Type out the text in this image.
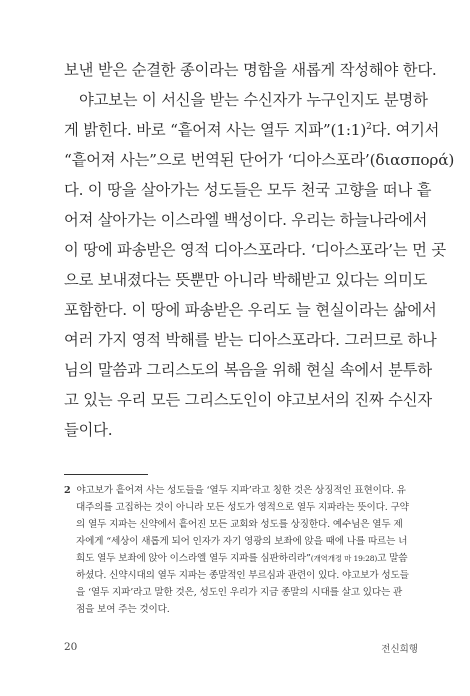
보낸 받은 순결한 종이라는 명함을 새롭게 작성해야 한다.
야고보는 이 서신을 받는 수신자가 누구인지도 분명하
게 밝힌다. 바로 “흩어져 사는 열두 지파”(1:1)$^2$다. 여기서
“흩어져 사는”으로 번역된 단어가 ‘디아스포라’(διασπορά)
다. 이 땅을 살아가는 성도들은 모두 천국 고향을 떠나 흩
어져 살아가는 이스라엘 백성이다. 우리는 하늘나라에서
이 땅에 파송받은 영적 디아스포라다. ‘디아스포라’는 먼 곳
으로 보내졌다는 뜻뿐만 아니라 박해받고 있다는 의미도
포함한다. 이 땅에 파송받은 우리도 늘 현실이라는 삶에서
여러 가지 영적 박해를 받는 디아스포라다. 그러므로 하나
님의 말씀과 그리스도의 복음을 위해 현실 속에서 분투하
고 있는 우리 모든 그리스도인이 야고보서의 진짜 수신자
들이다.
2 야고보가 흩어져 사는 성도들을 ‘열두 지파’라고 칭한 것은 상징적인 표현이다. 유
대주의를 고집하는 것이 아니라 모든 성도가 영적으로 열두 지파라는 뜻이다. 구약
의 열두 지파는 신약에서 흩어진 모든 교회와 성도를 상징한다. 예수님은 열두 제
자에게 “세상이 새롭게 되어 인자가 자기 영광의 보좌에 앉을 때에 나를 따르는 너
희도 열두 보좌에 앉아 이스라엘 열두 지파를 심판하리라”(개역개정 마 19:28)고 말씀
하셨다. 신약시대의 열두 지파는 종말적인 부르심과 관련이 있다. 야고보가 성도들
을 ‘열두 지파’라고 말한 것은, 성도인 우리가 지금 종말의 시대를 살고 있다는 관
점을 보여 주는 것이다.
20	전신희행
